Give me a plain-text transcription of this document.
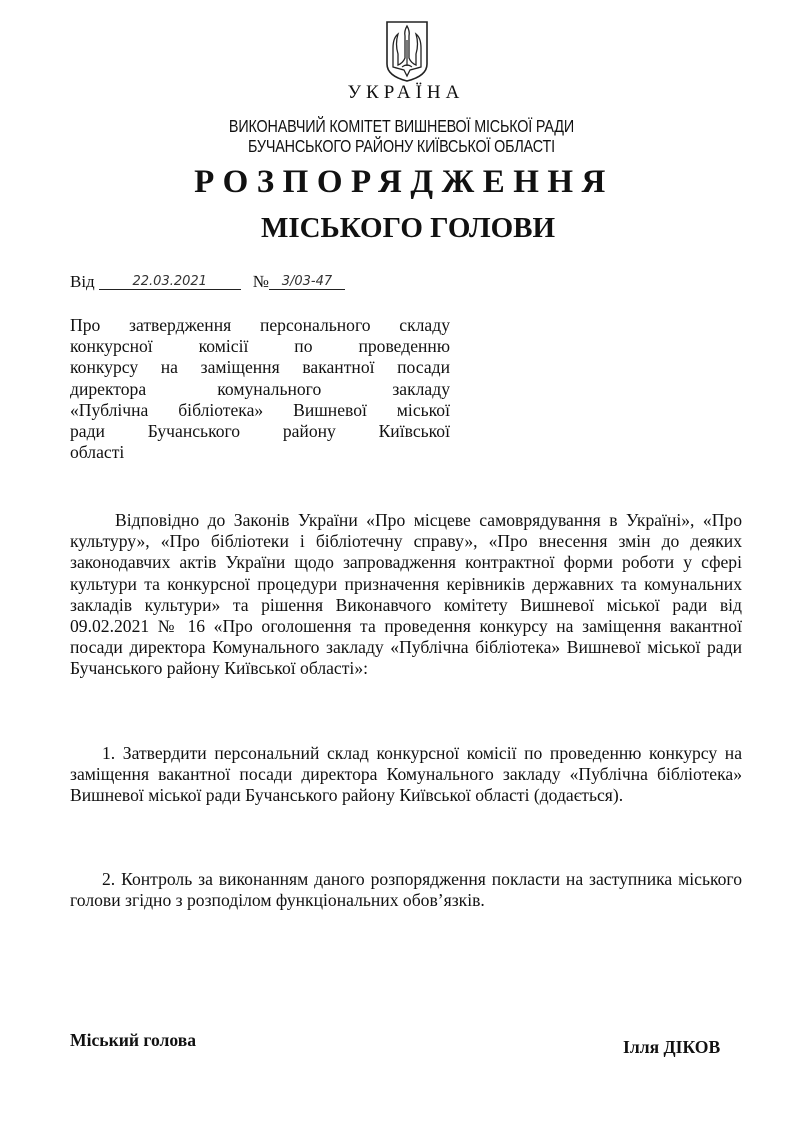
УКРАЇНА
ВИКОНАВЧИЙ КОМІТЕТ ВИШНЕВОЇ МІСЬКОЇ РАДИ
БУЧАНСЬКОГО РАЙОНУ КИЇВСЬКОЇ ОБЛАСТІ
РОЗПОРЯДЖЕННЯ
МІСЬКОГО ГОЛОВИ
Від	22.03.2021	№ 3/03-47
Про затвердження персонального складу
конкурсної комісії по проведенню
конкурсу на заміщення вакантної посади
директора комунального закладу
«Публічна бібліотека» Вишневої міської
ради Бучанського району Київської
області
Відповідно до Законів України «Про місцеве самоврядування в Україні», «Про культуру», «Про бібліотеки і бібліотечну справу», «Про внесення змін до деяких законодавчих актів України щодо запровадження контрактної форми роботи у сфері культури та конкурсної процедури призначення керівників державних та комунальних закладів культури» та рішення Виконавчого комітету Вишневої міської ради від 09.02.2021 № 16 «Про оголошення та проведення конкурсу на заміщення вакантної посади директора Комунального закладу «Публічна бібліотека» Вишневої міської ради Бучанського району Київської області»:
1. Затвердити персональний склад конкурсної комісії по проведенню конкурсу на заміщення вакантної посади директора Комунального закладу «Публічна бібліотека» Вишневої міської ради Бучанського району Київської області (додається).
2. Контроль за виконанням даного розпорядження покласти на заступника міського голови згідно з розподілом функціональних обов’язків.
Міський голова	Ілля ДІКОВ
